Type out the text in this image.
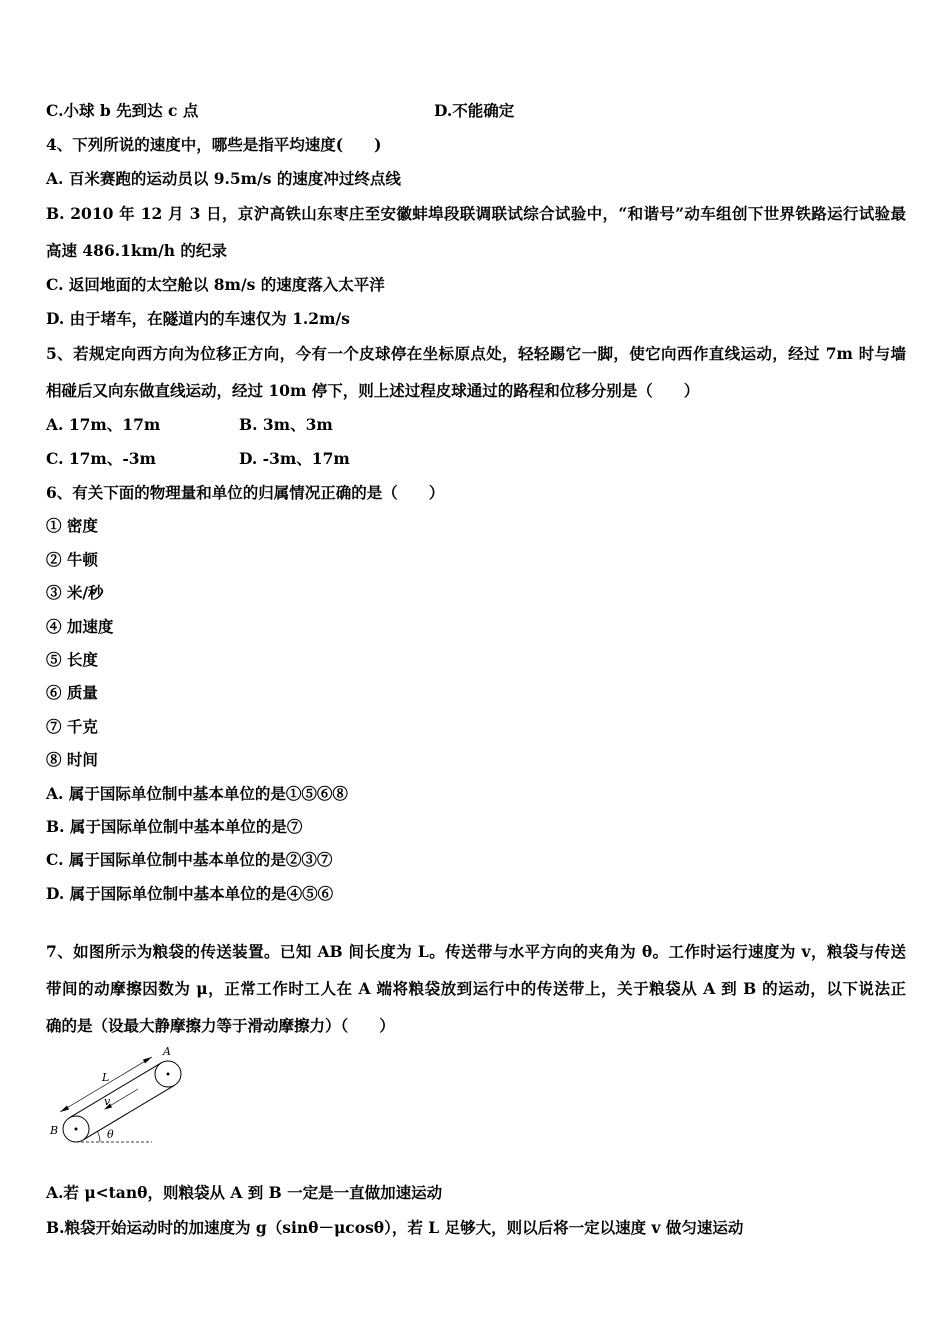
C.小球 b 先到达 c 点	D.不能确定
4、下列所说的速度中，哪些是指平均速度(　　)
A. 百米赛跑的运动员以 9.5m/s 的速度冲过终点线
B. 2010 年 12 月 3 日，京沪高铁山东枣庄至安徽蚌埠段联调联试综合试验中，“和谐号”动车组创下世界铁路运行试验最
高速 486.1km/h 的纪录
C. 返回地面的太空舱以 8m/s 的速度落入太平洋
D. 由于堵车，在隧道内的车速仅为 1.2m/s
5、若规定向西方向为位移正方向，今有一个皮球停在坐标原点处，轻轻踢它一脚，使它向西作直线运动，经过 7m 时与墙
相碰后又向东做直线运动，经过 10m 停下，则上述过程皮球通过的路程和位移分别是（　　）
A. 17m、17m	B. 3m、3m
C. 17m、-3m	D. -3m、17m
6、有关下面的物理量和单位的归属情况正确的是（　　）
① 密度
② 牛顿
③ 米/秒
④ 加速度
⑤ 长度
⑥ 质量
⑦ 千克
⑧ 时间
A. 属于国际单位制中基本单位的是①⑤⑥⑧
B. 属于国际单位制中基本单位的是⑦
C. 属于国际单位制中基本单位的是②③⑦
D. 属于国际单位制中基本单位的是④⑤⑥
7、如图所示为粮袋的传送装置。已知 AB 间长度为 L。传送带与水平方向的夹角为 θ。工作时运行速度为 v，粮袋与传送
带间的动摩擦因数为 μ，正常工作时工人在 A 端将粮袋放到运行中的传送带上，关于粮袋从 A 到 B 的运动，以下说法正
确的是（设最大静摩擦力等于滑动摩擦力）（　　）
A
B
L
v
θ
A.若 μ<tanθ，则粮袋从 A 到 B 一定是一直做加速运动
B.粮袋开始运动时的加速度为 g（sinθ－μcosθ），若 L 足够大，则以后将一定以速度 v 做匀速运动
